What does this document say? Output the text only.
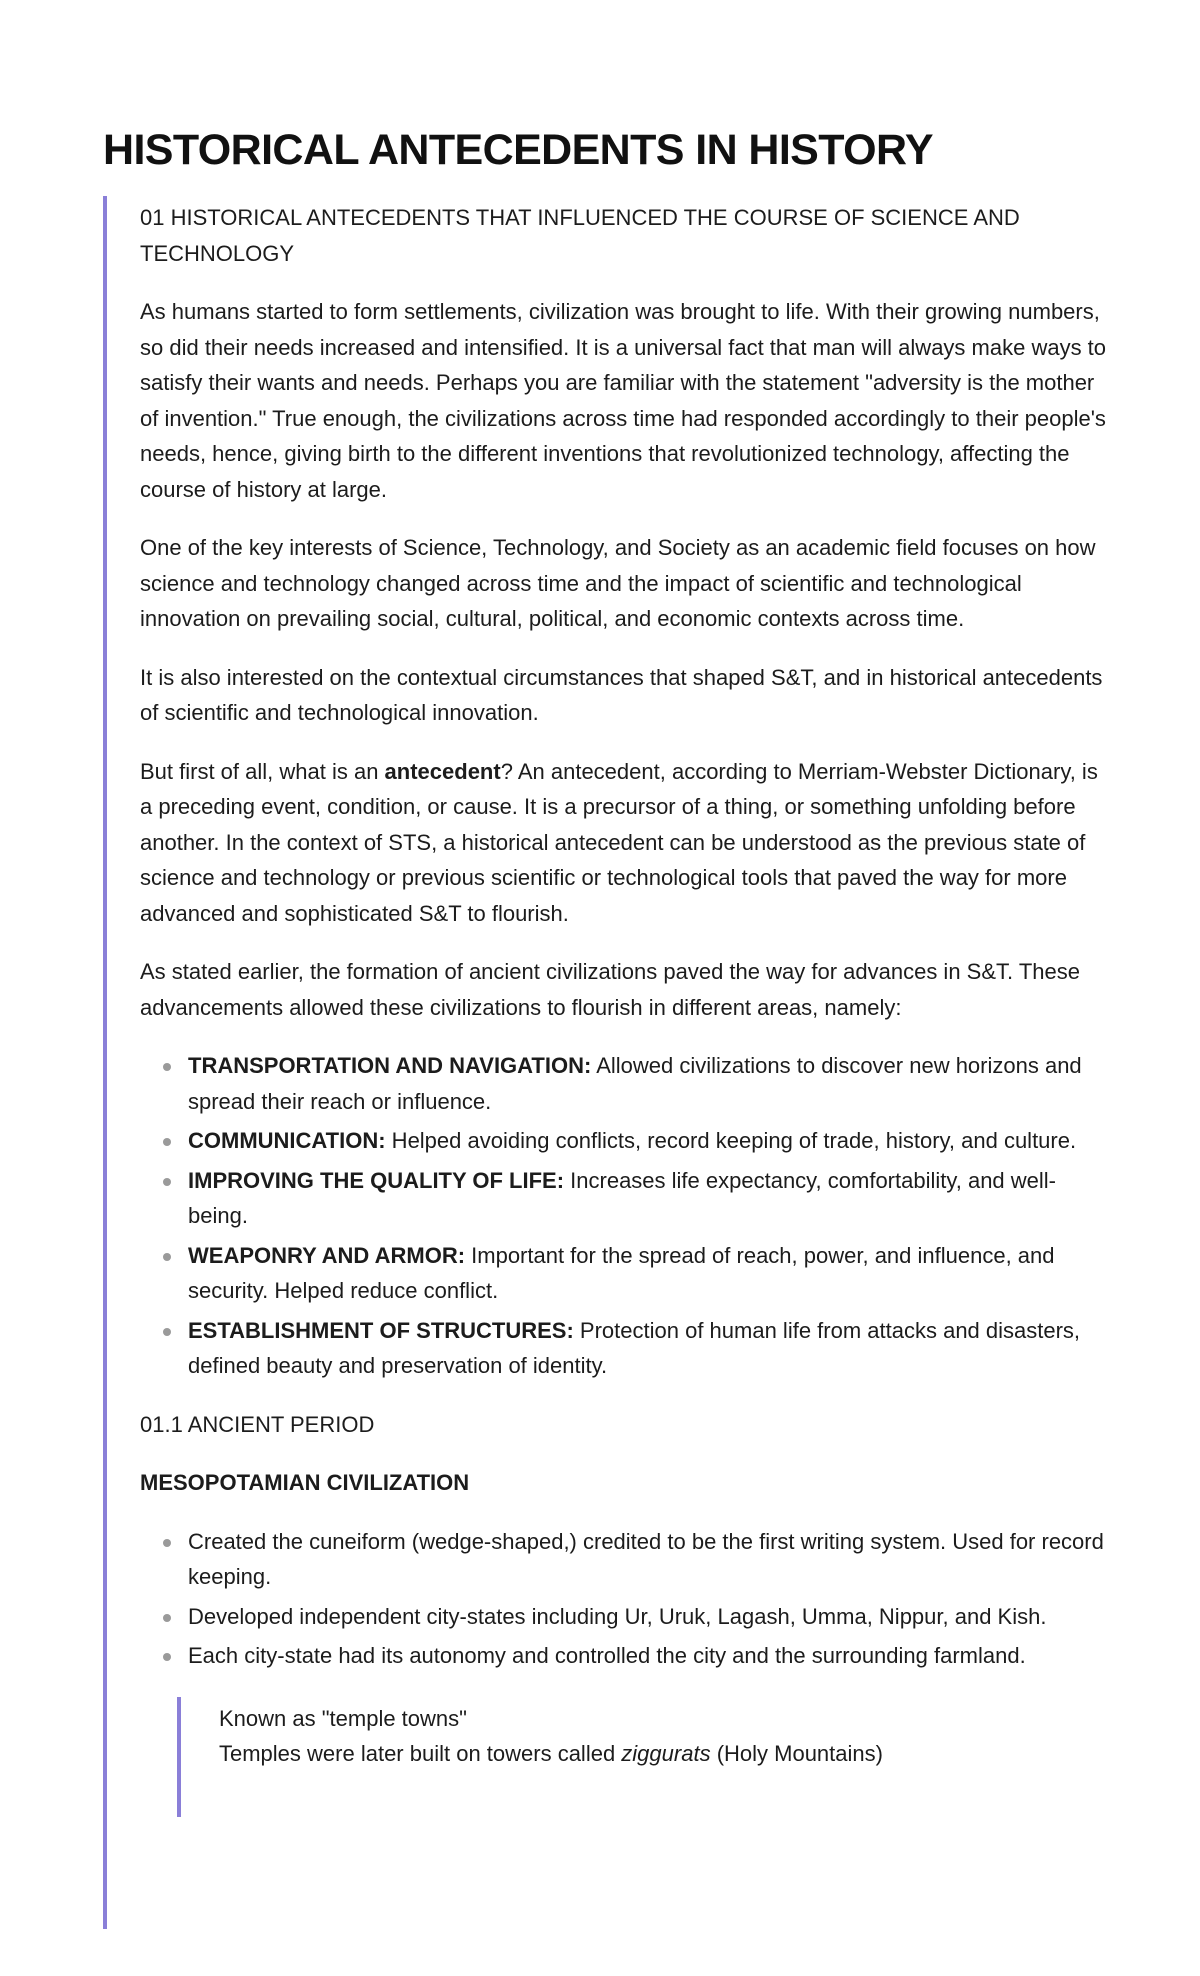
HISTORICAL ANTECEDENTS IN HISTORY

01 HISTORICAL ANTECEDENTS THAT INFLUENCED THE COURSE OF SCIENCE AND TECHNOLOGY

As humans started to form settlements, civilization was brought to life. With their growing numbers, so did their needs increased and intensified. It is a universal fact that man will always make ways to satisfy their wants and needs. Perhaps you are familiar with the statement "adversity is the mother of invention." True enough, the civilizations across time had responded accordingly to their people's needs, hence, giving birth to the different inventions that revolutionized technology, affecting the course of history at large.

One of the key interests of Science, Technology, and Society as an academic field focuses on how science and technology changed across time and the impact of scientific and technological innovation on prevailing social, cultural, political, and economic contexts across time.

It is also interested on the contextual circumstances that shaped S&T, and in historical antecedents of scientific and technological innovation.

But first of all, what is an antecedent? An antecedent, according to Merriam-Webster Dictionary, is a preceding event, condition, or cause. It is a precursor of a thing, or something unfolding before another. In the context of STS, a historical antecedent can be understood as the previous state of science and technology or previous scientific or technological tools that paved the way for more advanced and sophisticated S&T to flourish.

As stated earlier, the formation of ancient civilizations paved the way for advances in S&T. These advancements allowed these civilizations to flourish in different areas, namely:

TRANSPORTATION AND NAVIGATION: Allowed civilizations to discover new horizons and spread their reach or influence.
COMMUNICATION: Helped avoiding conflicts, record keeping of trade, history, and culture.
IMPROVING THE QUALITY OF LIFE: Increases life expectancy, comfortability, and well-being.
WEAPONRY AND ARMOR: Important for the spread of reach, power, and influence, and security. Helped reduce conflict.
ESTABLISHMENT OF STRUCTURES: Protection of human life from attacks and disasters, defined beauty and preservation of identity.

01.1 ANCIENT PERIOD

MESOPOTAMIAN CIVILIZATION

Created the cuneiform (wedge-shaped,) credited to be the first writing system. Used for record keeping.
Developed independent city-states including Ur, Uruk, Lagash, Umma, Nippur, and Kish.
Each city-state had its autonomy and controlled the city and the surrounding farmland.
Known as "temple towns"
Temples were later built on towers called ziggurats (Holy Mountains)
